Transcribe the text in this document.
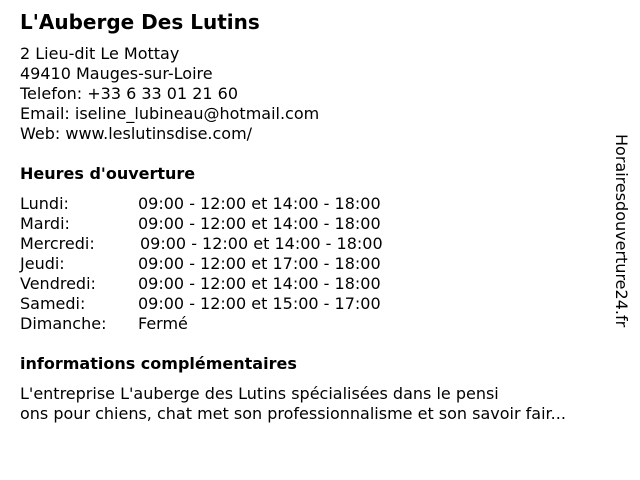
L'Auberge Des Lutins
2 Lieu-dit Le Mottay
49410 Mauges-sur-Loire
Telefon: +33 6 33 01 21 60
Email: iseline_lubineau@hotmail.com
Web: www.leslutinsdise.com/
Heures d'ouverture
Lundi:	09:00 - 12:00 et 14:00 - 18:00
Mardi:	09:00 - 12:00 et 14:00 - 18:00
Mercredi:	09:00 - 12:00 et 14:00 - 18:00
Jeudi:	09:00 - 12:00 et 17:00 - 18:00
Vendredi:	09:00 - 12:00 et 14:00 - 18:00
Samedi:	09:00 - 12:00 et 15:00 - 17:00
Dimanche: Fermé
informations complémentaires
L'entreprise L'auberge des Lutins spécialisées dans le pensi
ons pour chiens, chat met son professionnalisme et son savoir fair...
Horairesdouverture24.fr
